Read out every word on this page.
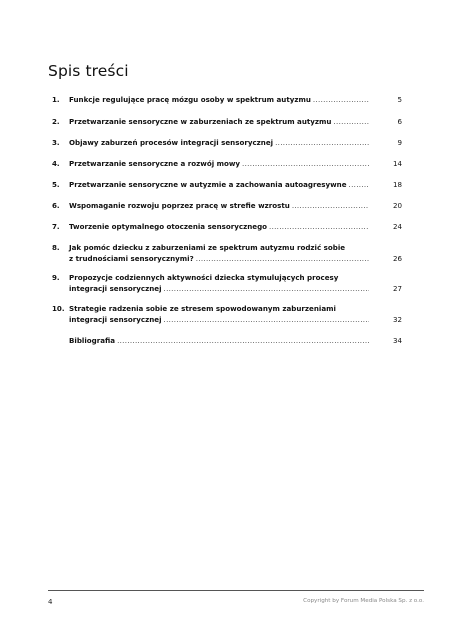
Spis treści
1.	Funkcje regulujące pracę mózgu osoby w spektrum autyzmu .....	5
2.	Przetwarzanie sensoryczne w zaburzeniach ze spektrum autyzmu .....	6
3.	Objawy zaburzeń procesów integracji sensorycznej .....	9
4.	Przetwarzanie sensoryczne a rozwój mowy .....	14
5.	Przetwarzanie sensoryczne w autyzmie a zachowania autoagresywne .....	18
6.	Wspomaganie rozwoju poprzez pracę w strefie wzrostu .....	20
7.	Tworzenie optymalnego otoczenia sensorycznego .....	24
8.	Jak pomóc dziecku z zaburzeniami ze spektrum autyzmu rodzić sobie
z trudnościami sensorycznymi? .....	26
9.	Propozycje codziennych aktywności dziecka stymulujących procesy
integracji sensorycznej .....	27
10. Strategie radzenia sobie ze stresem spowodowanym zaburzeniami
integracji sensorycznej .....	32
Bibliografia .....	34
4	Copyright by Forum Media Polska Sp. z o.o.
